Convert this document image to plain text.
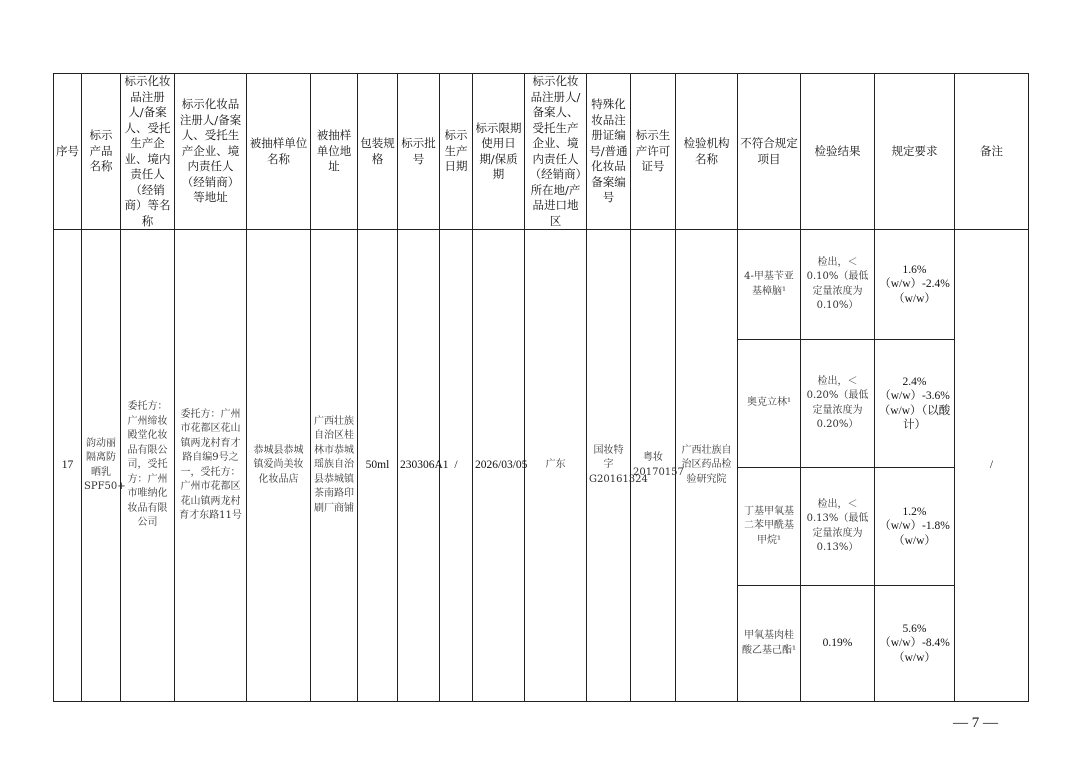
序号	标示产品名称	标示化妆品注册人/备案人、受托生产企业、境内责任人（经销商）等名称	标示化妆品注册人/备案人、受托生产企业、境内责任人（经销商）等地址	被抽样单位名称	被抽样单位地址	包装规格	标示批号	标示生产日期	标示限期使用日期/保质期	标示化妆品注册人/备案人、受托生产企业、境内责任人（经销商）所在地/产品进口地区	特殊化妆品注册证编号/普通化妆品备案编号	标示生产许可证号	检验机构名称	不符合规定项目	检验结果	规定要求	备注
17	韵动丽隔离防晒乳SPF50+	委托方：广州缔妆殿堂化妆品有限公司，受托方：广州市唯纳化妆品有限公司	委托方：广州市花都区花山镇两龙村育才路自编9号之一，受托方：广州市花都区花山镇两龙村育才东路11号	恭城县恭城镇爱尚美妆化妆品店	广西壮族自治区桂林市恭城瑶族自治县恭城镇茶南路印刷厂商铺	50ml	230306A1	/	2026/03/05	广东	国妆特字G20161324	粤妆20170157	广西壮族自治区药品检验研究院	4-甲基苄亚基樟脑¹	检出，＜0.10%（最低定量浓度为0.10%）	1.6%（w/w）-2.4%（w/w）	/
														奥克立林¹	检出，＜0.20%（最低定量浓度为0.20%）	2.4%（w/w）-3.6%（w/w）（以酸计）	
														丁基甲氧基二苯甲酰基甲烷¹	检出，＜0.13%（最低定量浓度为0.13%）	1.2%（w/w）-1.8%（w/w）	
														甲氧基肉桂酸乙基己酯¹	0.19%	5.6%（w/w）-8.4%（w/w）	
— 7 —
